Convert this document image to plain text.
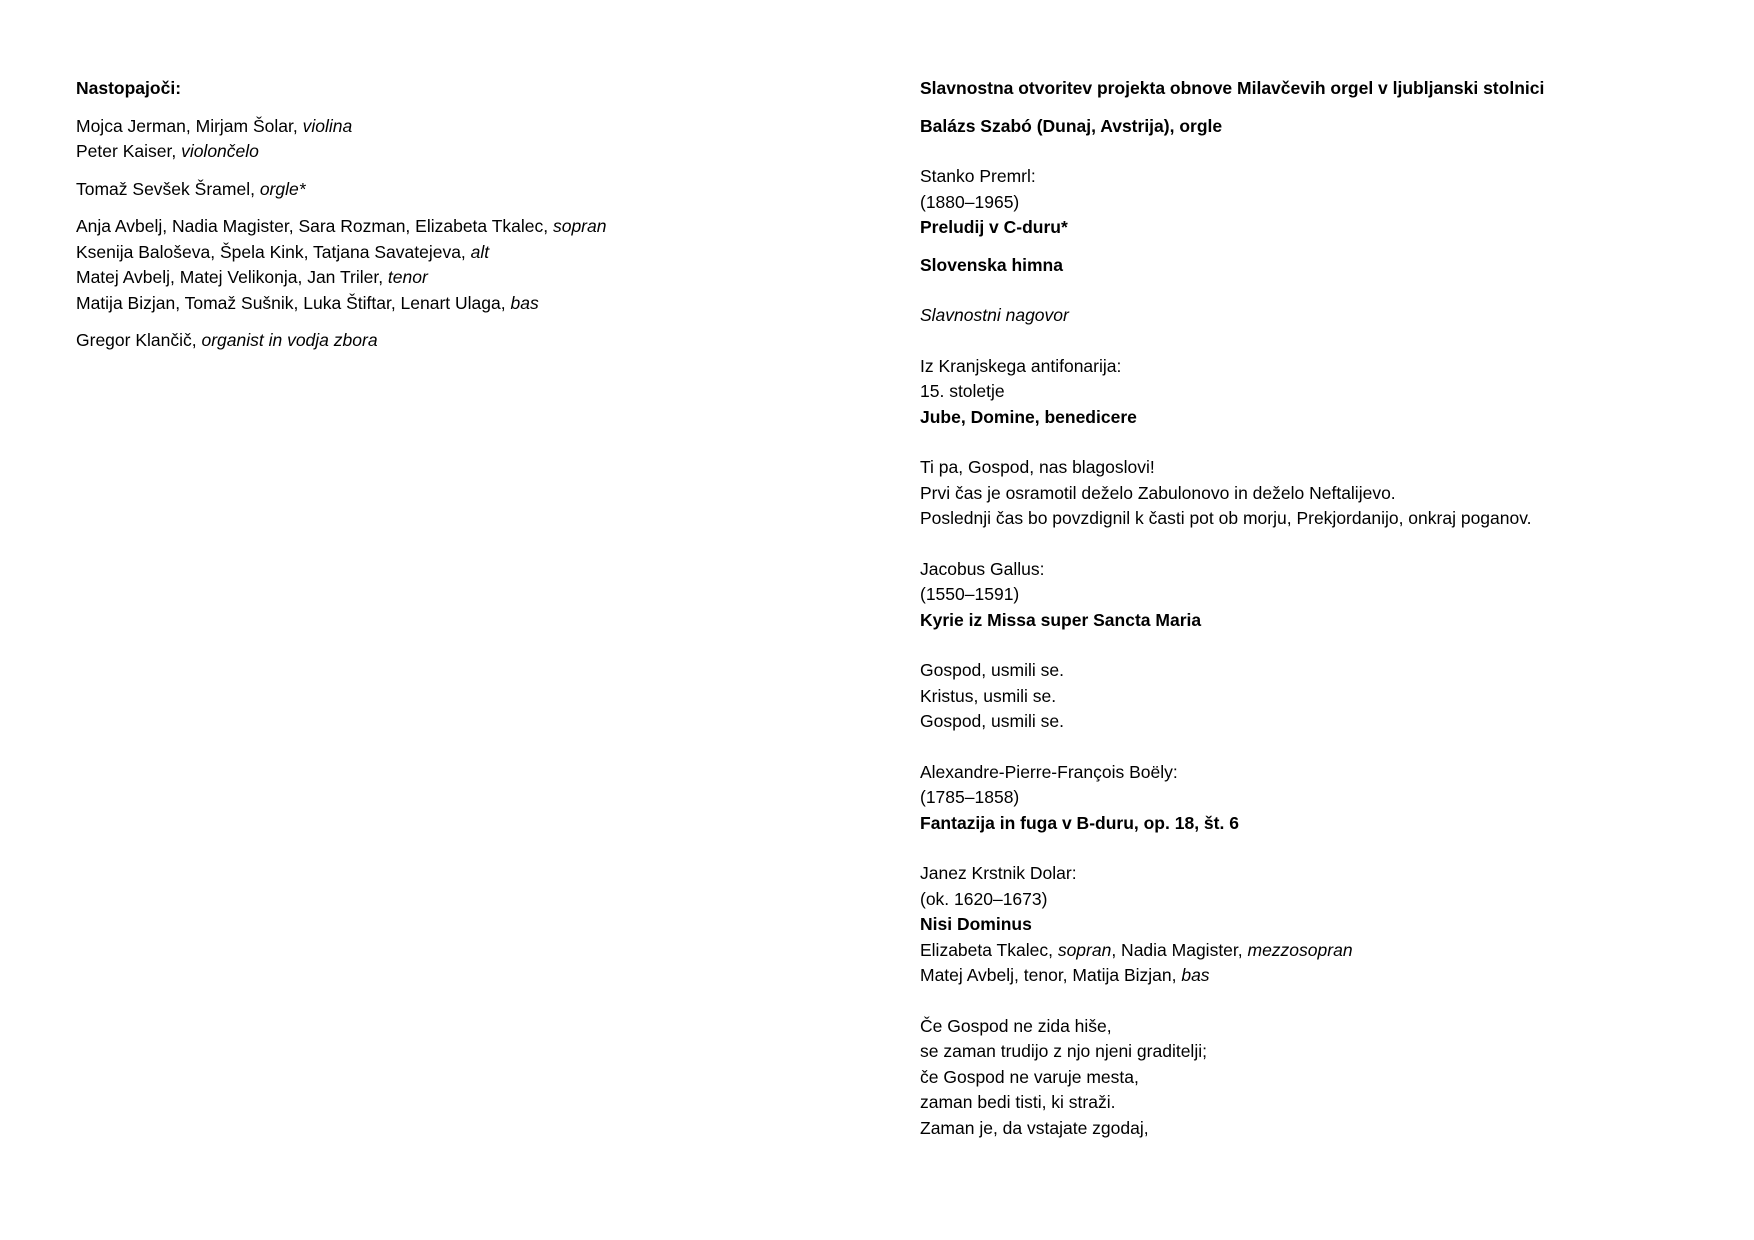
Nastopajoči:
Mojca Jerman, Mirjam Šolar, violina
Peter Kaiser, violončelo
Tomaž Sevšek Šramel, orgle*
Anja Avbelj, Nadia Magister, Sara Rozman, Elizabeta Tkalec, sopran
Ksenija Baloševa, Špela Kink, Tatjana Savatejeva, alt
Matej Avbelj, Matej Velikonja, Jan Triler, tenor
Matija Bizjan, Tomaž Sušnik, Luka Štiftar, Lenart Ulaga, bas
Gregor Klančič, organist in vodja zbora
Slavnostna otvoritev projekta obnove Milavčevih orgel v ljubljanski stolnici
Balázs Szabó (Dunaj, Avstrija), orgle
Stanko Premrl:
(1880–1965)
Preludij v C-duru*
Slovenska himna
Slavnostni nagovor
Iz Kranjskega antifonarija:
15. stoletje
Jube, Domine, benedicere
Ti pa, Gospod, nas blagoslovi!
Prvi čas je osramotil deželo Zabulonovo in deželo Neftalijevo.
Poslednji čas bo povzdignil k časti pot ob morju, Prekjordanijo, onkraj poganov.
Jacobus Gallus:
(1550–1591)
Kyrie iz Missa super Sancta Maria
Gospod, usmili se.
Kristus, usmili se.
Gospod, usmili se.
Alexandre-Pierre-François Boëly:
(1785–1858)
Fantazija in fuga v B-duru, op. 18, št. 6
Janez Krstnik Dolar:
(ok. 1620–1673)
Nisi Dominus
Elizabeta Tkalec, sopran, Nadia Magister, mezzosopran
Matej Avbelj, tenor, Matija Bizjan, bas
Če Gospod ne zida hiše,
se zaman trudijo z njo njeni graditelji;
če Gospod ne varuje mesta,
zaman bedi tisti, ki straži.
Zaman je, da vstajate zgodaj,
